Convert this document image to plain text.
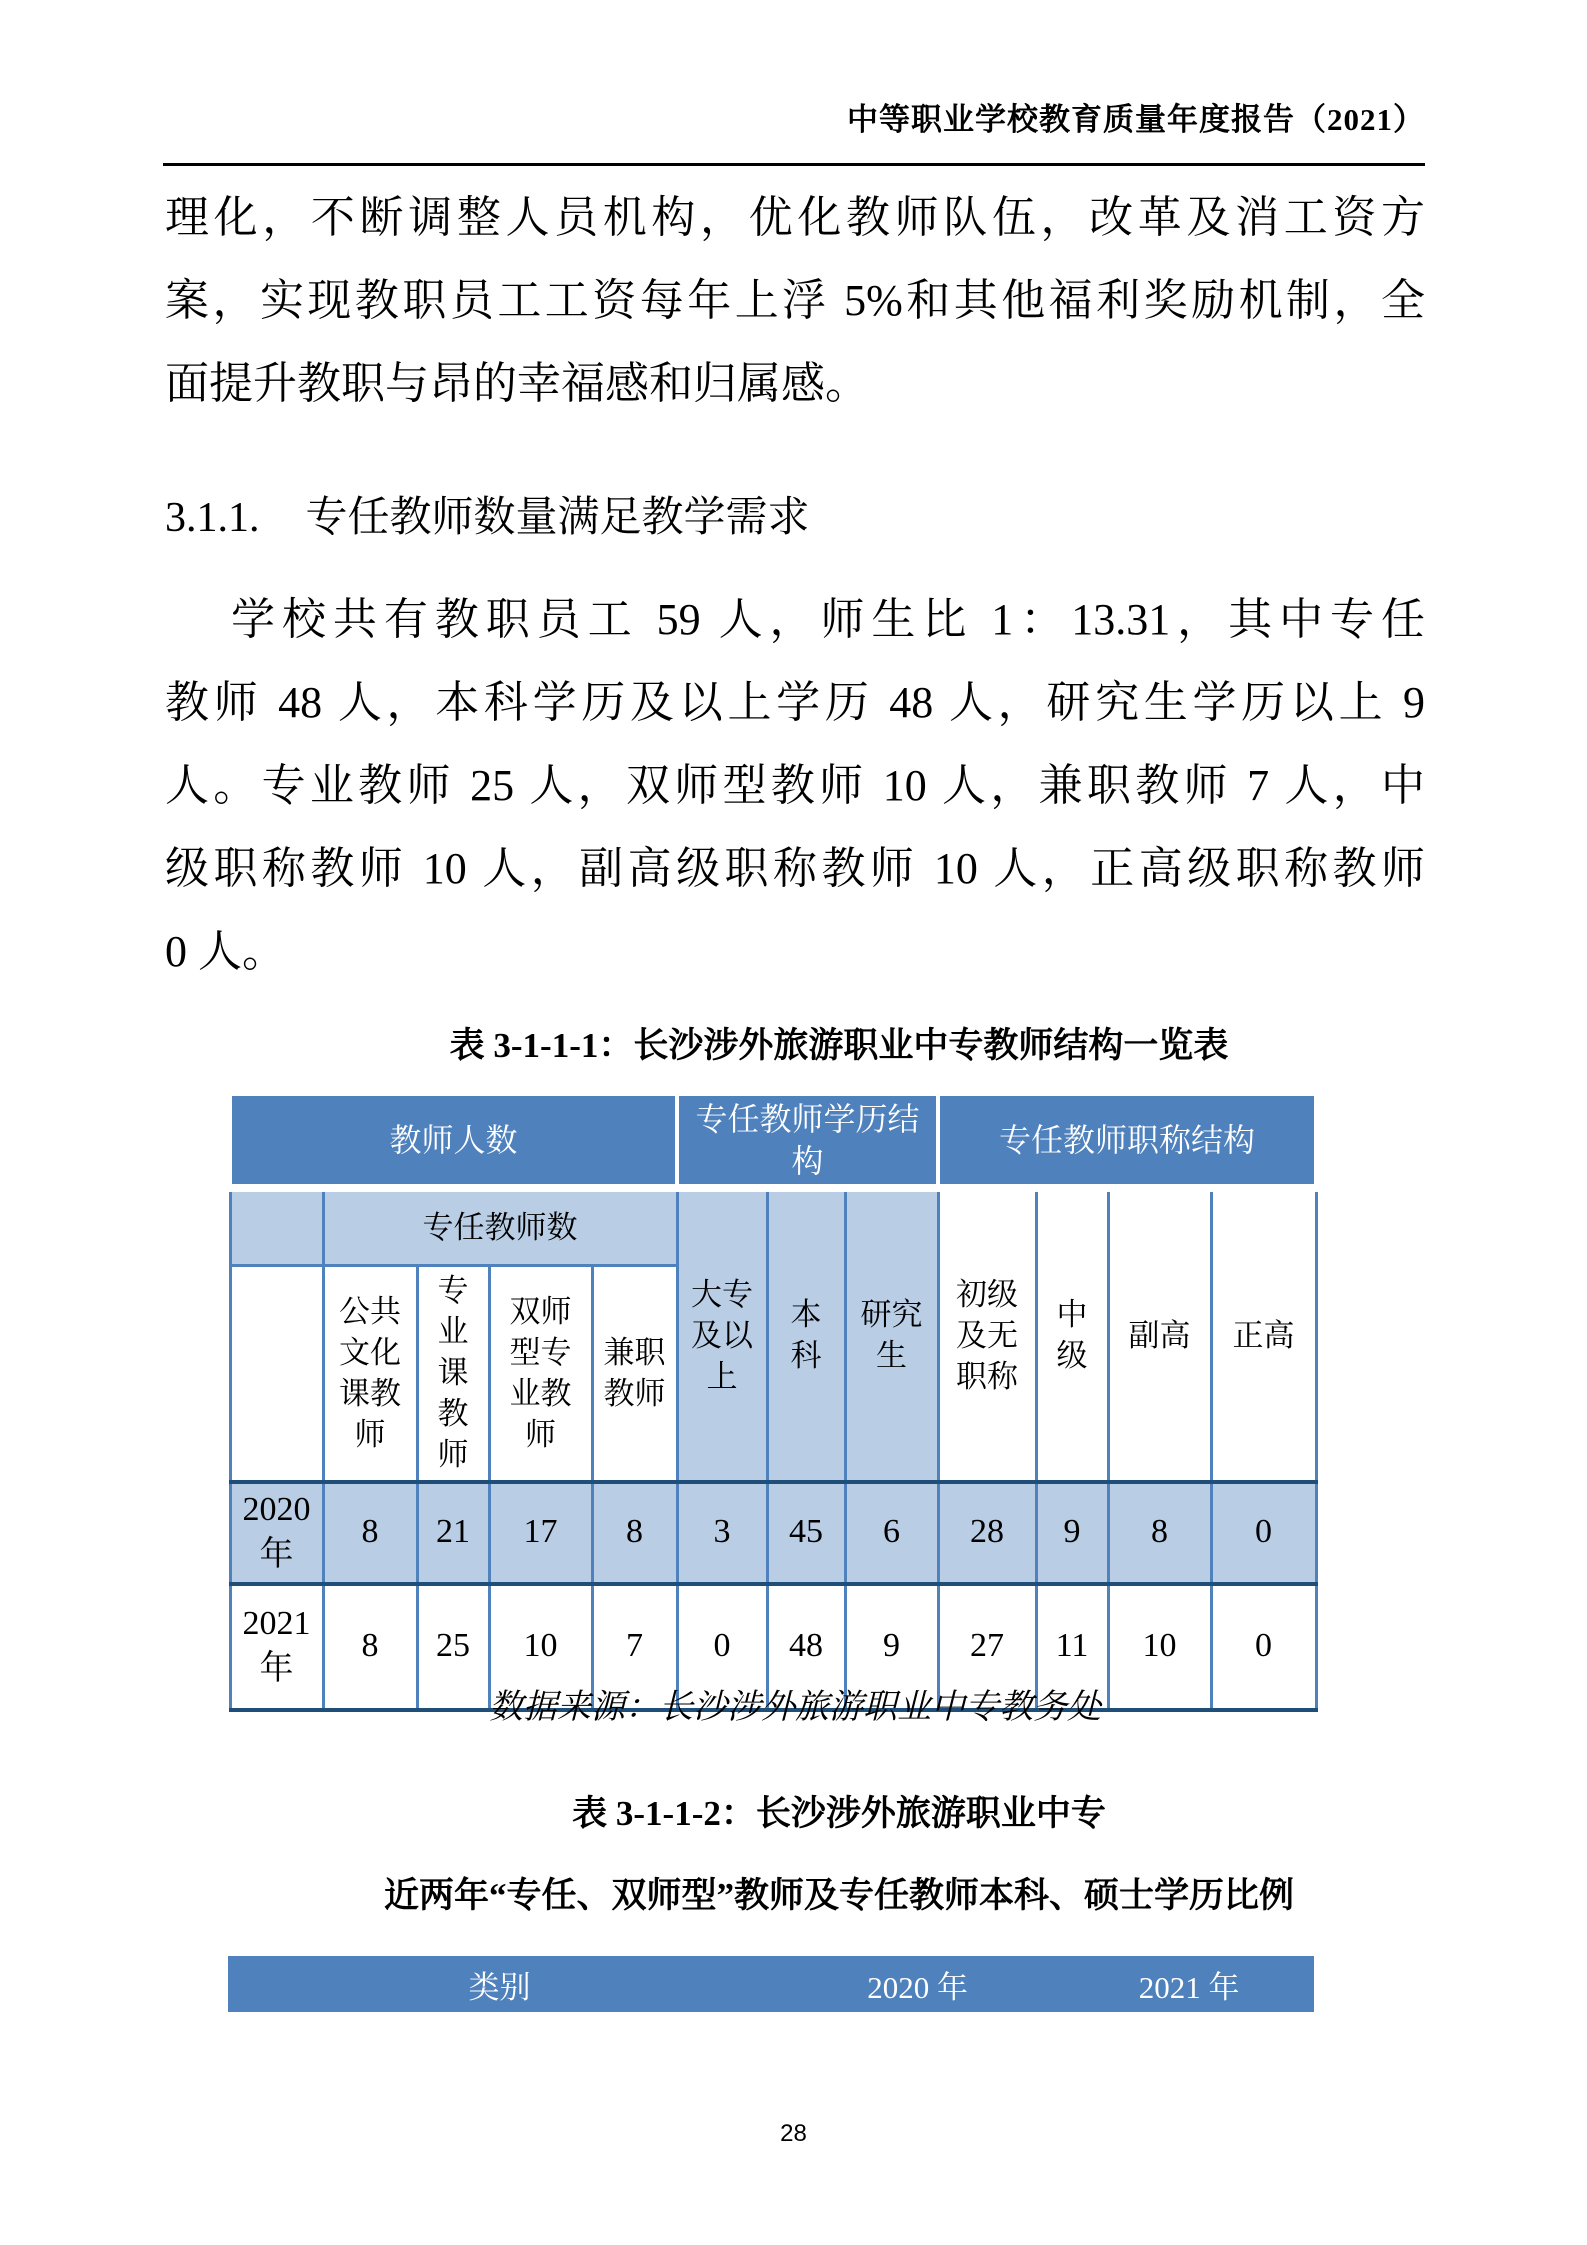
中等职业学校教育质量年度报告（2021）
理化，不断调整人员机构，优化教师队伍，改革及消工资方
案，实现教职员工工资每年上浮 5%和其他福利奖励机制，全
面提升教职与昂的幸福感和归属感。
3.1.1. 专任教师数量满足教学需求
学校共有教职员工 59 人，师生比 1：13.31，其中专任
教师 48 人，本科学历及以上学历 48 人，研究生学历以上 9
人。专业教师 25 人，双师型教师 10 人，兼职教师 7 人，中
级职称教师 10 人，副高级职称教师 10 人，正高级职称教师
0 人。
表 3-1-1-1：长沙涉外旅游职业中专教师结构一览表
教师人数					专任教师学历结构			专任教师职称结构			
	专任教师数				大专及以上	本科	研究生	初级及无职称	中级	副高	正高
	公共文化课教师	专业课教师	双师型专业教师	兼职教师							
2020 年	8	21	17	8	3	45	6	28	9	8	0
2021 年	8	25	10	7	0	48	9	27	11	10	0
数据来源：长沙涉外旅游职业中专教务处
表 3-1-1-2：长沙涉外旅游职业中专
近两年“专任、双师型”教师及专任教师本科、硕士学历比例
类别	2020 年	2021 年
28
